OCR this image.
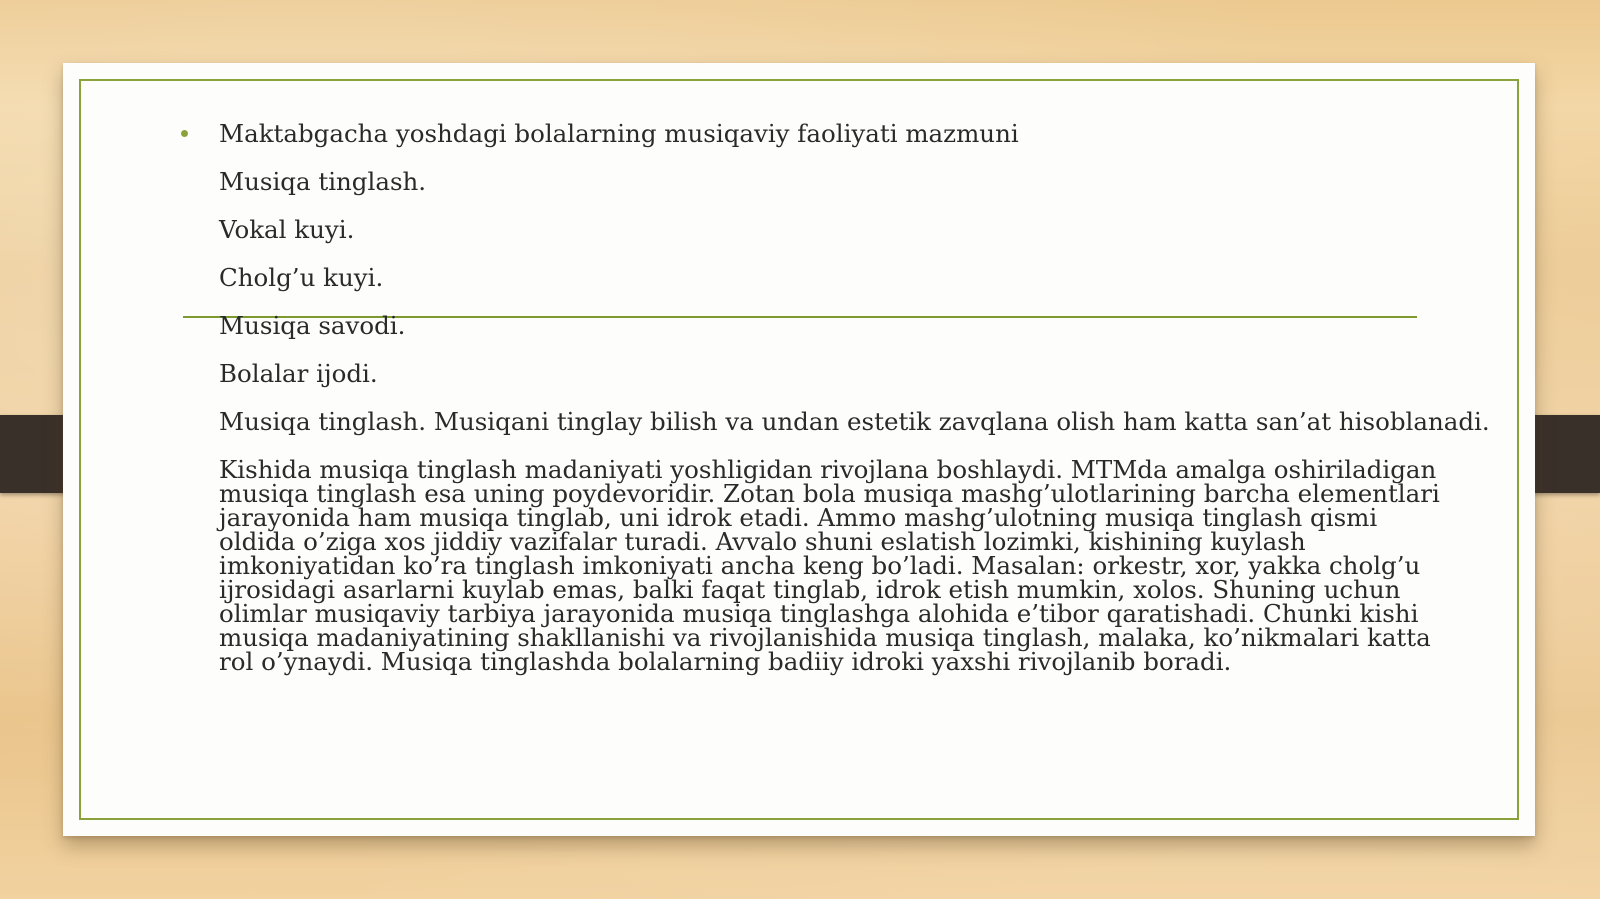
Maktabgacha yoshdagi bolalarning musiqaviy faoliyati mazmuni
Musiqa tinglash.
Vokal kuyi.
Cholg’u kuyi.
Musiqa savodi.
Bolalar ijodi.
Musiqa tinglash. Musiqani tinglay bilish va undan estetik zavqlana olish ham katta san’at hisoblanadi.
Kishida musiqa tinglash madaniyati yoshligidan rivojlana boshlaydi. MTMda amalga oshiriladigan musiqa tinglash esa uning poydevoridir. Zotan bola musiqa mashg’ulotlarining barcha elementlari jarayonida ham musiqa tinglab, uni idrok etadi. Ammo mashg’ulotning musiqa tinglash qismi oldida o’ziga xos jiddiy vazifalar turadi. Avvalo shuni eslatish lozimki, kishining kuylash imkoniyatidan ko’ra tinglash imkoniyati ancha keng bo’ladi. Masalan: orkestr, xor, yakka cholg’u ijrosidagi asarlarni kuylab emas, balki faqat tinglab, idrok etish mumkin, xolos. Shuning uchun olimlar musiqaviy tarbiya jarayonida musiqa tinglashga alohida e’tibor qaratishadi. Chunki kishi musiqa madaniyatining shakllanishi va rivojlanishida musiqa tinglash, malaka, ko’nikmalari katta rol o’ynaydi. Musiqa tinglashda bolalarning badiiy idroki yaxshi rivojlanib boradi.
